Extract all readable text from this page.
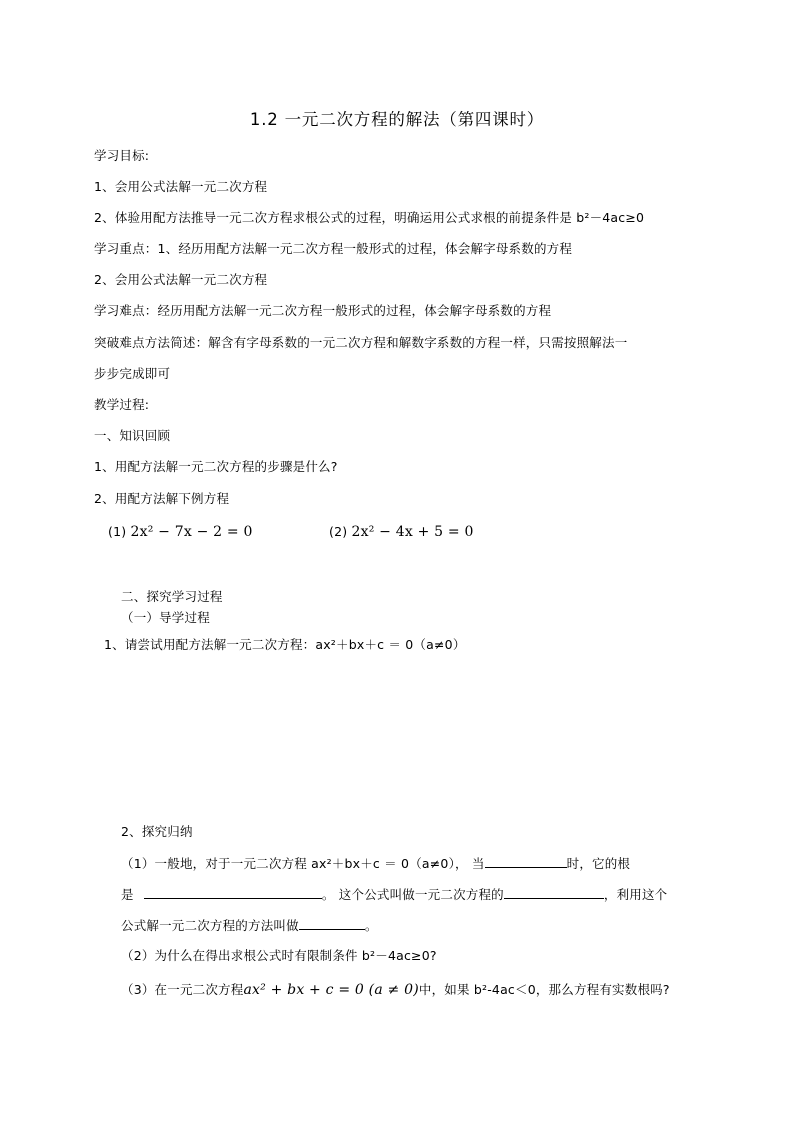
1.2 一元二次方程的解法（第四课时）
学习目标:
1、会用公式法解一元二次方程
2、体验用配方法推导一元二次方程求根公式的过程，明确运用公式求根的前提条件是 b²－4ac≥0
学习重点：1、经历用配方法解一元二次方程一般形式的过程，体会解字母系数的方程
2、会用公式法解一元二次方程
学习难点：经历用配方法解一元二次方程一般形式的过程，体会解字母系数的方程
突破难点方法简述：解含有字母系数的一元二次方程和解数字系数的方程一样，只需按照解法一
步步完成即可
教学过程:
一、知识回顾
1、用配方法解一元二次方程的步骤是什么?
2、用配方法解下例方程
(1) 2x² − 7x − 2 = 0	(2) 2x² − 4x + 5 = 0
二、探究学习过程
（一）导学过程
1、请尝试用配方法解一元二次方程：ax²＋bx＋c ＝ 0（a≠0）
2、探究归纳
（1）一般地，对于一元二次方程 ax²＋bx＋c ＝ 0（a≠0）， 当	时，它的根
是	。 这个公式叫做一元二次方程的	，利用这个
公式解一元二次方程的方法叫做	。
（2）为什么在得出求根公式时有限制条件 b²－4ac≥0?
（3）在一元二次方程ax² + bx + c = 0 (a ≠ 0)中，如果 b²-4ac＜0，那么方程有实数根吗?
